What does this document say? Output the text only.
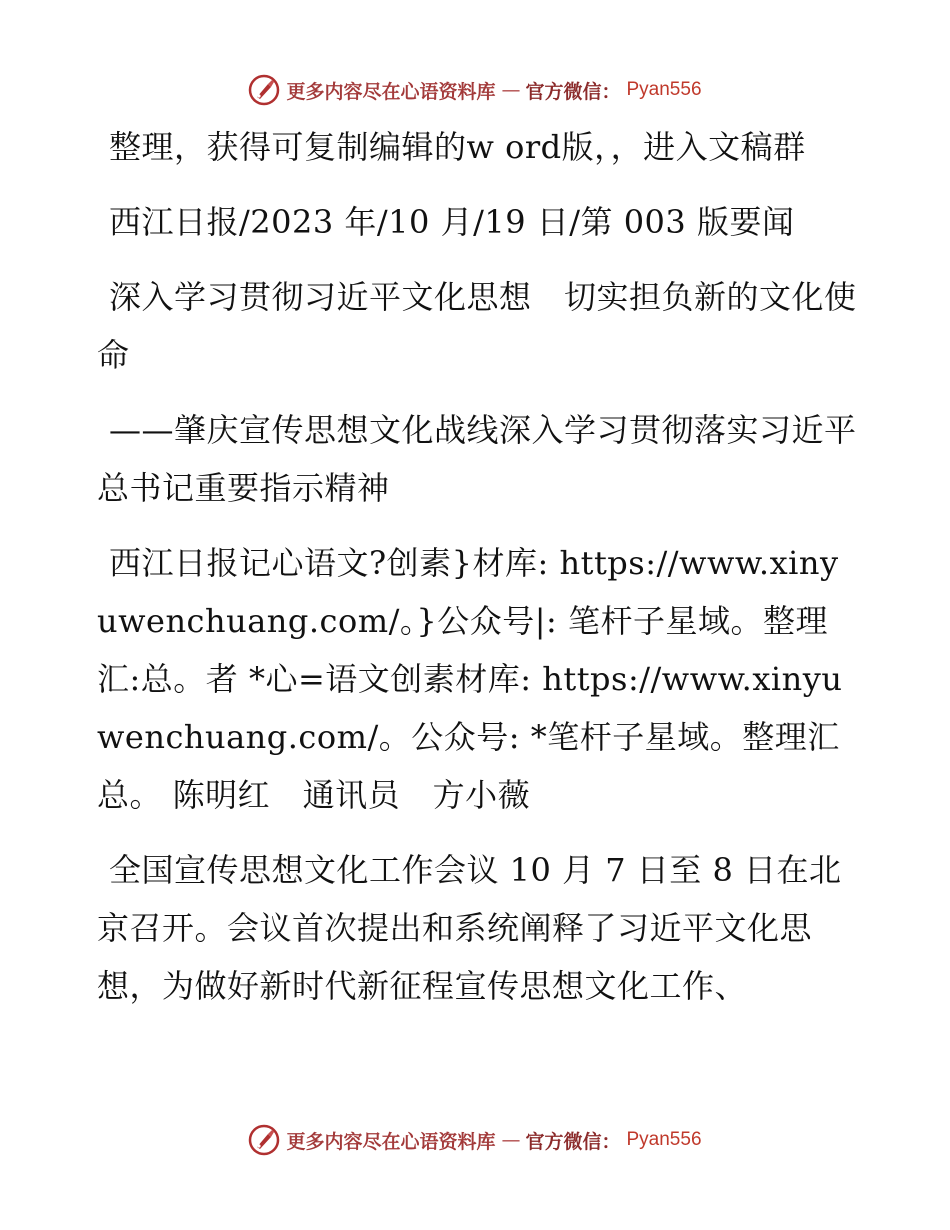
更多内容尽在心语资料库 — 官方微信： Pyan556

整理，获得可复制编辑的w ord版，，进入文稿群

西江日报/2023 年/10 月/19 日/第 003 版要闻

深入学习贯彻习近平文化思想　切实担负新的文化使命

——肇庆宣传思想文化战线深入学习贯彻落实习近平总书记重要指示精神

西江日报记心语文?创素}材库: https://www.xinyuwenchuang.com/。}公众号|: 笔杆子星域。整理汇:总。者 *心=语文创素材库: https://www.xinyuwenchuang.com/。公众号: *笔杆子星域。整理汇总。 陈明红　通讯员　方小薇

全国宣传思想文化工作会议 10 月 7 日至 8 日在北京召开。会议首次提出和系统阐释了习近平文化思想，为做好新时代新征程宣传思想文化工作、

更多内容尽在心语资料库 — 官方微信： Pyan556
